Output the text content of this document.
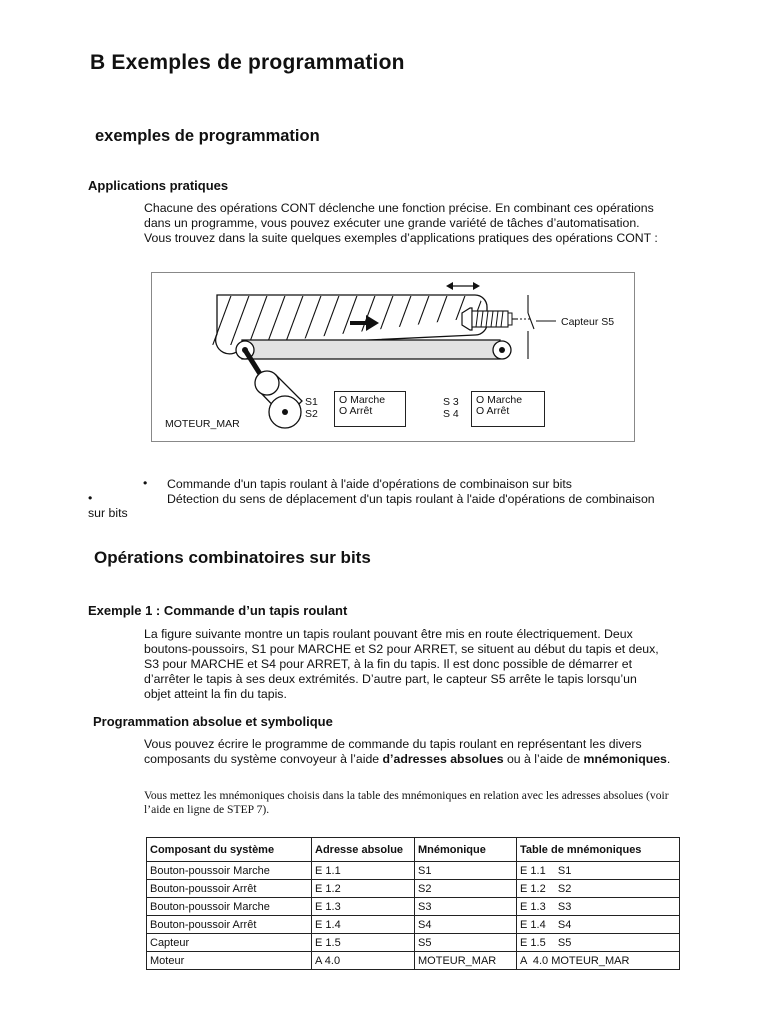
B Exemples de programmation
exemples de programmation
Applications pratiques

Chacune des opérations CONT déclenche une fonction précise. En combinant ces opérations dans un programme, vous pouvez exécuter une grande variété de tâches d’automatisation. Vous trouvez dans la suite quelques exemples d’applications pratiques des opérations CONT :

Capteur S5
MOTEUR_MAR
S1
S2
O Marche
O Arrêt
S 3
S 4
O Marche
O Arrêt
• Commande d'un tapis roulant à l'aide d'opérations de combinaison sur bits
•	Détection du sens de déplacement d'un tapis roulant à l'aide d'opérations de combinaison
sur bits
Opérations combinatoires sur bits
Exemple 1 : Commande d’un tapis roulant

La figure suivante montre un tapis roulant pouvant être mis en route électriquement. Deux boutons-poussoirs, S1 pour MARCHE et S2 pour ARRET, se situent au début du tapis et deux, S3 pour MARCHE et S4 pour ARRET, à la fin du tapis. Il est donc possible de démarrer et d’arrêter le tapis à ses deux extrémités. D’autre part, le capteur S5 arrête le tapis lorsqu’un objet atteint la fin du tapis.

Programmation absolue et symbolique

Vous pouvez écrire le programme de commande du tapis roulant en représentant les divers composants du système convoyeur à l’aide d’adresses absolues ou à l’aide de mnémoniques.

Vous mettez les mnémoniques choisis dans la table des mnémoniques en relation avec les adresses absolues (voir l’aide en ligne de STEP 7).

Composant du système	Adresse absolue	Mnémonique	Table de mnémoniques
Bouton-poussoir Marche	E 1.1	S1	E 1.1    S1
Bouton-poussoir Arrêt	E 1.2	S2	E 1.2    S2
Bouton-poussoir Marche	E 1.3	S3	E 1.3    S3
Bouton-poussoir Arrêt	E 1.4	S4	E 1.4    S4
Capteur	E 1.5	S5	E 1.5    S5
Moteur	A 4.0	MOTEUR_MAR	A  4.0 MOTEUR_MAR
